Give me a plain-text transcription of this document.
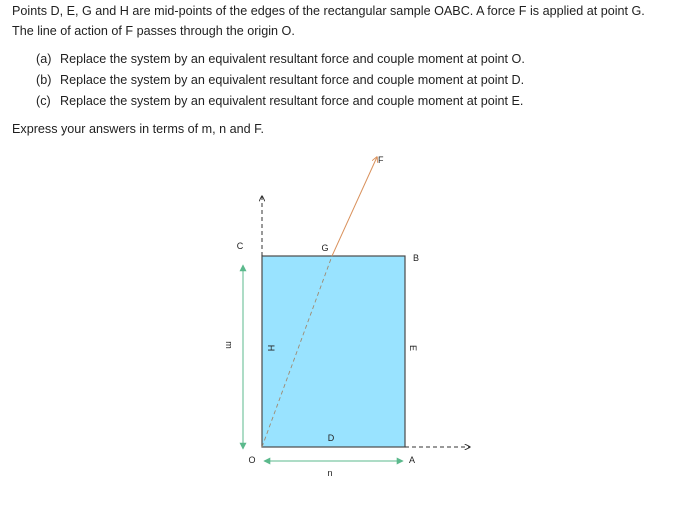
Points D, E, G and H are mid-points of the edges of the rectangular sample OABC. A force F is applied at point G.
The line of action of F passes through the origin O.
(a) Replace the system by an equivalent resultant force and couple moment at point O.
(b) Replace the system by an equivalent resultant force and couple moment at point D.
(c) Replace the system by an equivalent resultant force and couple moment at point E.
Express your answers in terms of m, n and F.
C	G
B
F
m	H	E
D
O	A
n
